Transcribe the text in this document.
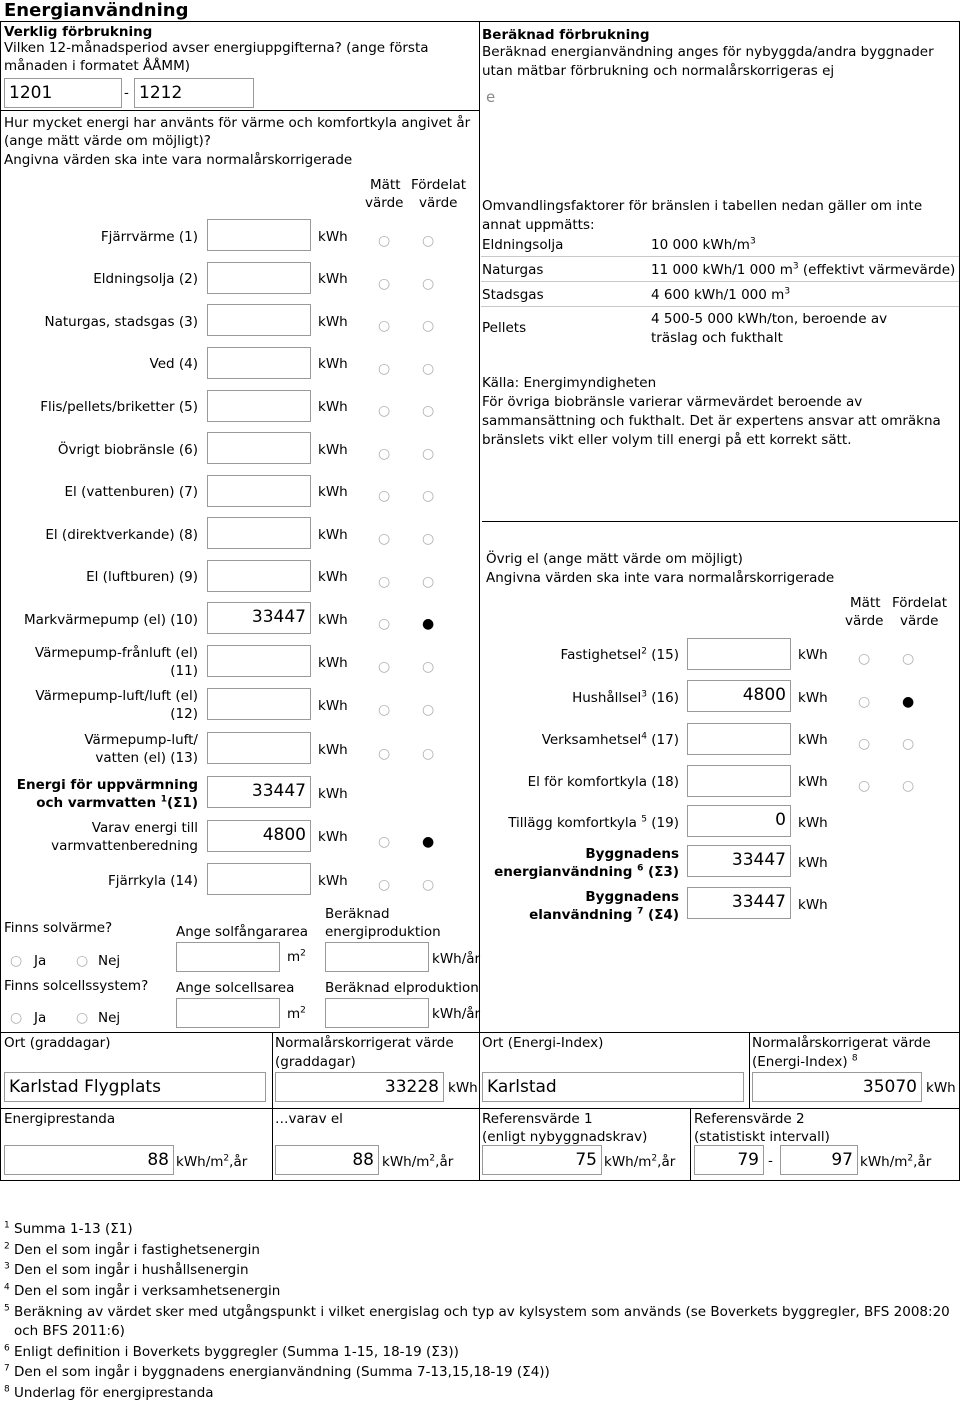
Energianvändning
Verklig förbrukning
Vilken 12-månadsperiod avser energiuppgifterna? (ange första månaden i formatet ÅÅMM)
1201	- 1212
Hur mycket energi har använts för värme och komfortkyla angivet år (ange mätt värde om möjligt)?
Angivna värden ska inte vara normalårskorrigerade
Mätt
värde
Fördelat
värde
Fjärrvärme (1)	kWh ○ ○
Eldningsolja (2)	kWh ○ ○
Naturgas, stadsgas (3)	kWh ○ ○
Ved (4)	kWh ○ ○
Flis/pellets/briketter (5)	kWh ○ ○
Övrigt biobränsle (6)	kWh ○ ○
El (vattenburen) (7)	kWh ○ ○
El (direktverkande) (8)	kWh ○ ○
El (luftburen) (9)	kWh ○ ○
Markvärmepump (el) (10)	33447 kWh ○ ●
Värmepump-frånluft (el)
(11)	kWh ○ ○
Värmepump-luft/luft (el)
(12)	kWh ○ ○
Värmepump-luft/
vatten (el) (13)	kWh ○ ○
Energi för uppvärmning
och varmvatten $^1$(Σ1)
33447 kWh
Varav energi till
varmvattenberedning
4800 kWh ○ ●
Fjärrkyla (14)	kWh ○ ○
Finns solvärme?	Ange solfångararea
Beräknad
energiproduktion
○ Ja ○ Nej	$m^2$	kWh/år
Finns solcellssystem? Ange solcellsarea Beräknad elproduktion
○ Ja ○ Nej	$m^2$	kWh/år
Beräknad förbrukning
Beräknad energianvändning anges för nybyggda/andra byggnader
utan mätbar förbrukning och normalårskorrigeras ej
e
Omvandlingsfaktorer för bränslen i tabellen nedan gäller om inte
annat uppmätts:
Eldningsolja	10 000 kWh/$m^3$
Naturgas	11 000 kWh/1 000 $m^3$ (effektivt värmevärde)
Stadsgas	4 600 kWh/1 000 $m^3$
Pellets
4 500-5 000 kWh/ton, beroende av
träslag och fukthalt
Källa: Energimyndigheten
För övriga biobränsle varierar värmevärdet beroende av
sammansättning och fukthalt. Det är expertens ansvar att omräkna
bränslets vikt eller volym till energi på ett korrekt sätt.
Övrig el (ange mätt värde om möjligt)
Angivna värden ska inte vara normalårskorrigerade
Mätt
värde
Fördelat
värde
Fastighetsel$^2$ (15)	kWh ○ ○
Hushållsel$^3$ (16)	4800 kWh ○ ●
Verksamhetsel$^4$ (17)	kWh ○ ○
El för komfortkyla (18)	kWh ○ ○
Tillägg komfortkyla $^5$ (19)	0 kWh
Byggnadens
energianvändning $^6$ (Σ3)
33447 kWh
Byggnadens
elanvändning $^7$ (Σ4)
33447 kWh
Ort (graddagar)
Karlstad Flygplats
Normalårskorrigerat värde
(graddagar)
33228 kWh
Ort (Energi-Index)
Karlstad
Normalårskorrigerat värde
(Energi-Index) $^8$
35070 kWh
Energiprestanda
88 kWh/$m^2,år$
…varav el
88 kWh/$m^2,år$
Referensvärde 1
(enligt nybyggnadskrav)
75 kWh/$m^2,år$
Referensvärde 2
(statistiskt intervall)
79 -	97 kWh/$m^2,år$
$^1$ Summa 1-13 (Σ1)
$^2$ Den el som ingår i fastighetsenergin
$^3$ Den el som ingår i hushållsenergin
$^4$ Den el som ingår i verksamhetsenergin
$^5$ Beräkning av värdet sker med utgångspunkt i vilket energislag och typ av kylsystem som används (se Boverkets byggregler, BFS 2008:20
och BFS 2011:6)
$^6$ Enligt definition i Boverkets byggregler (Summa 1-15, 18-19 (Σ3))
$^7$ Den el som ingår i byggnadens energianvändning (Summa 7-13,15,18-19 (Σ4))
$^8$ Underlag för energiprestanda
